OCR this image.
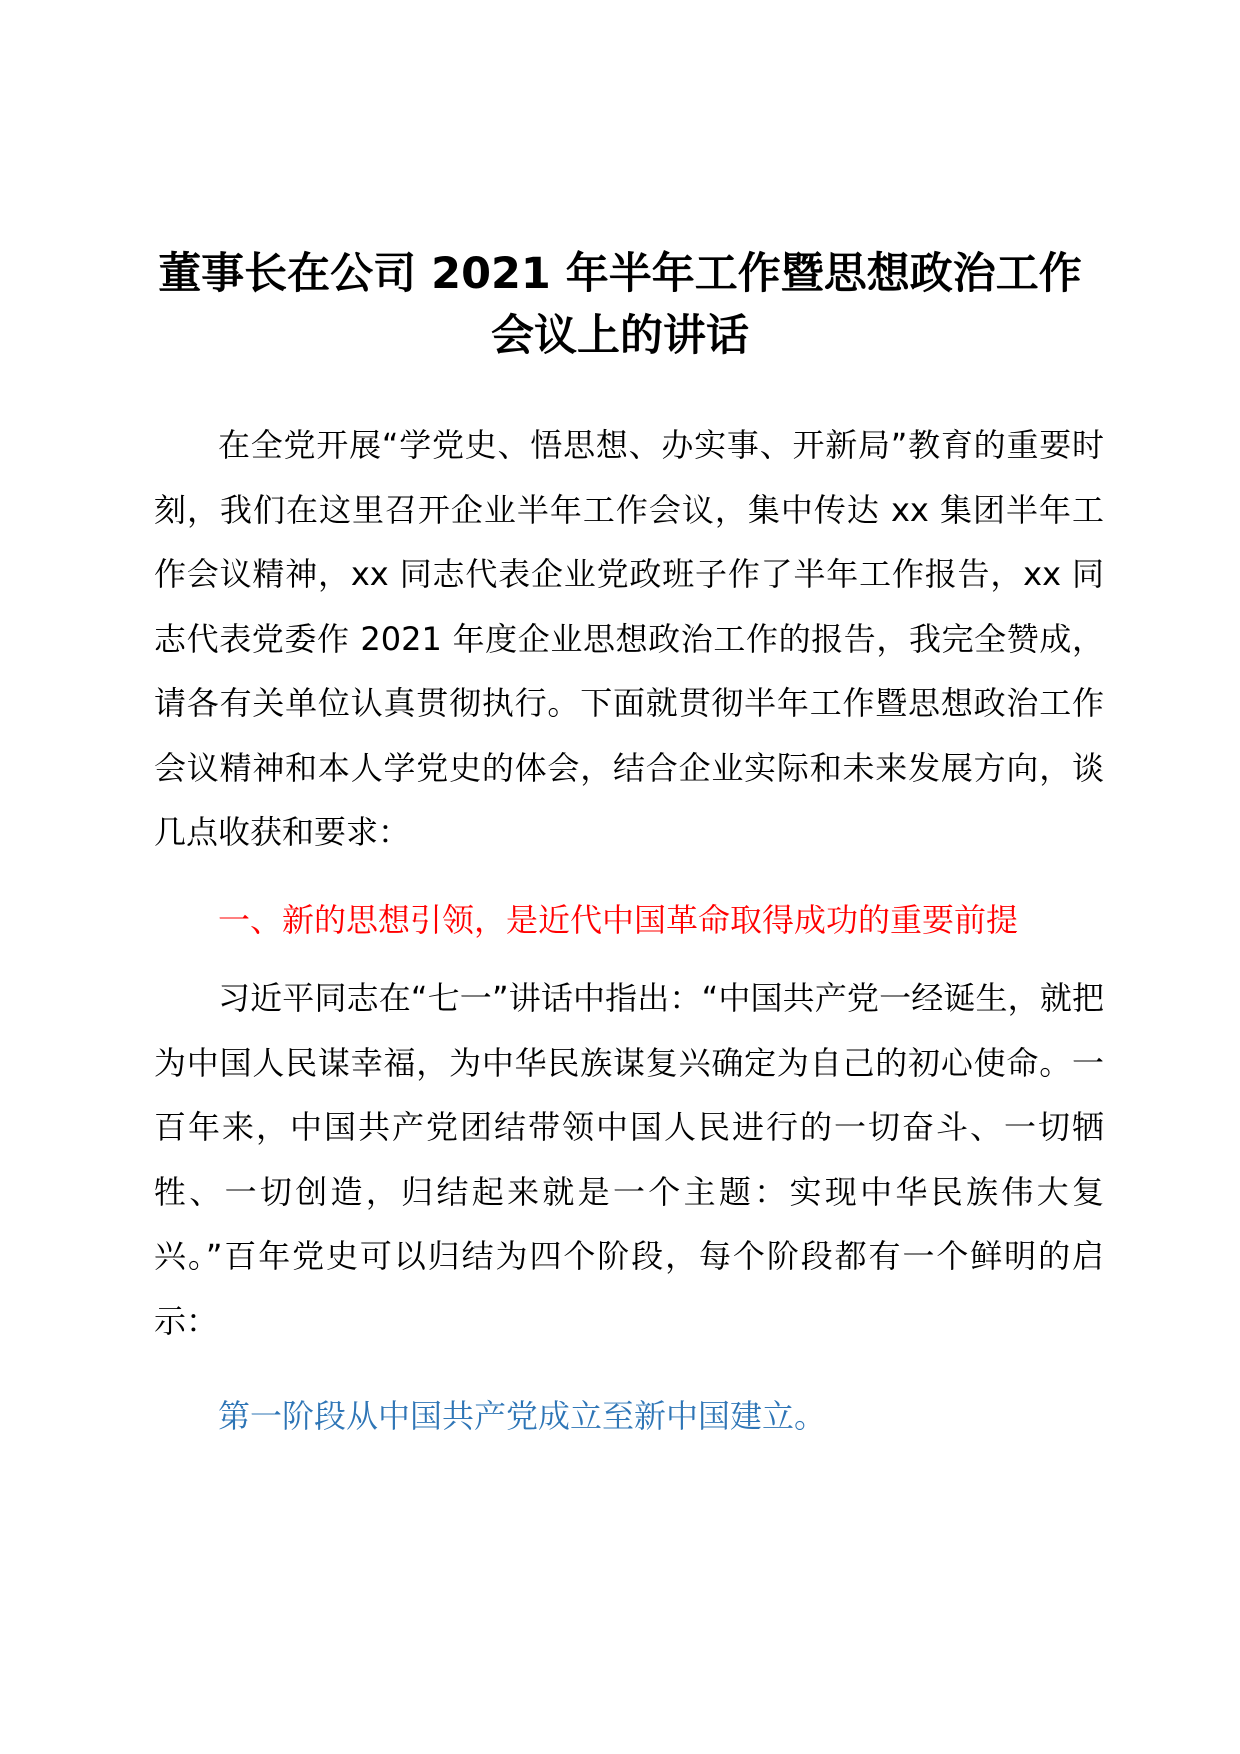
董事长在公司 2021 年半年工作暨思想政治工作会议上的讲话
在全党开展“学党史、悟思想、办实事、开新局”教育的重要时刻，我们在这里召开企业半年工作会议，集中传达 xx 集团半年工作会议精神，xx 同志代表企业党政班子作了半年工作报告，xx 同志代表党委作 2021 年度企业思想政治工作的报告，我完全赞成，请各有关单位认真贯彻执行。下面就贯彻半年工作暨思想政治工作会议精神和本人学党史的体会，结合企业实际和未来发展方向，谈几点收获和要求：
一、新的思想引领，是近代中国革命取得成功的重要前提
习近平同志在“七一”讲话中指出：“中国共产党一经诞生，就把为中国人民谋幸福，为中华民族谋复兴确定为自己的初心使命。一百年来，中国共产党团结带领中国人民进行的一切奋斗、一切牺牲、一切创造，归结起来就是一个主题：实现中华民族伟大复兴。”百年党史可以归结为四个阶段，每个阶段都有一个鲜明的启示：
第一阶段从中国共产党成立至新中国建立。
